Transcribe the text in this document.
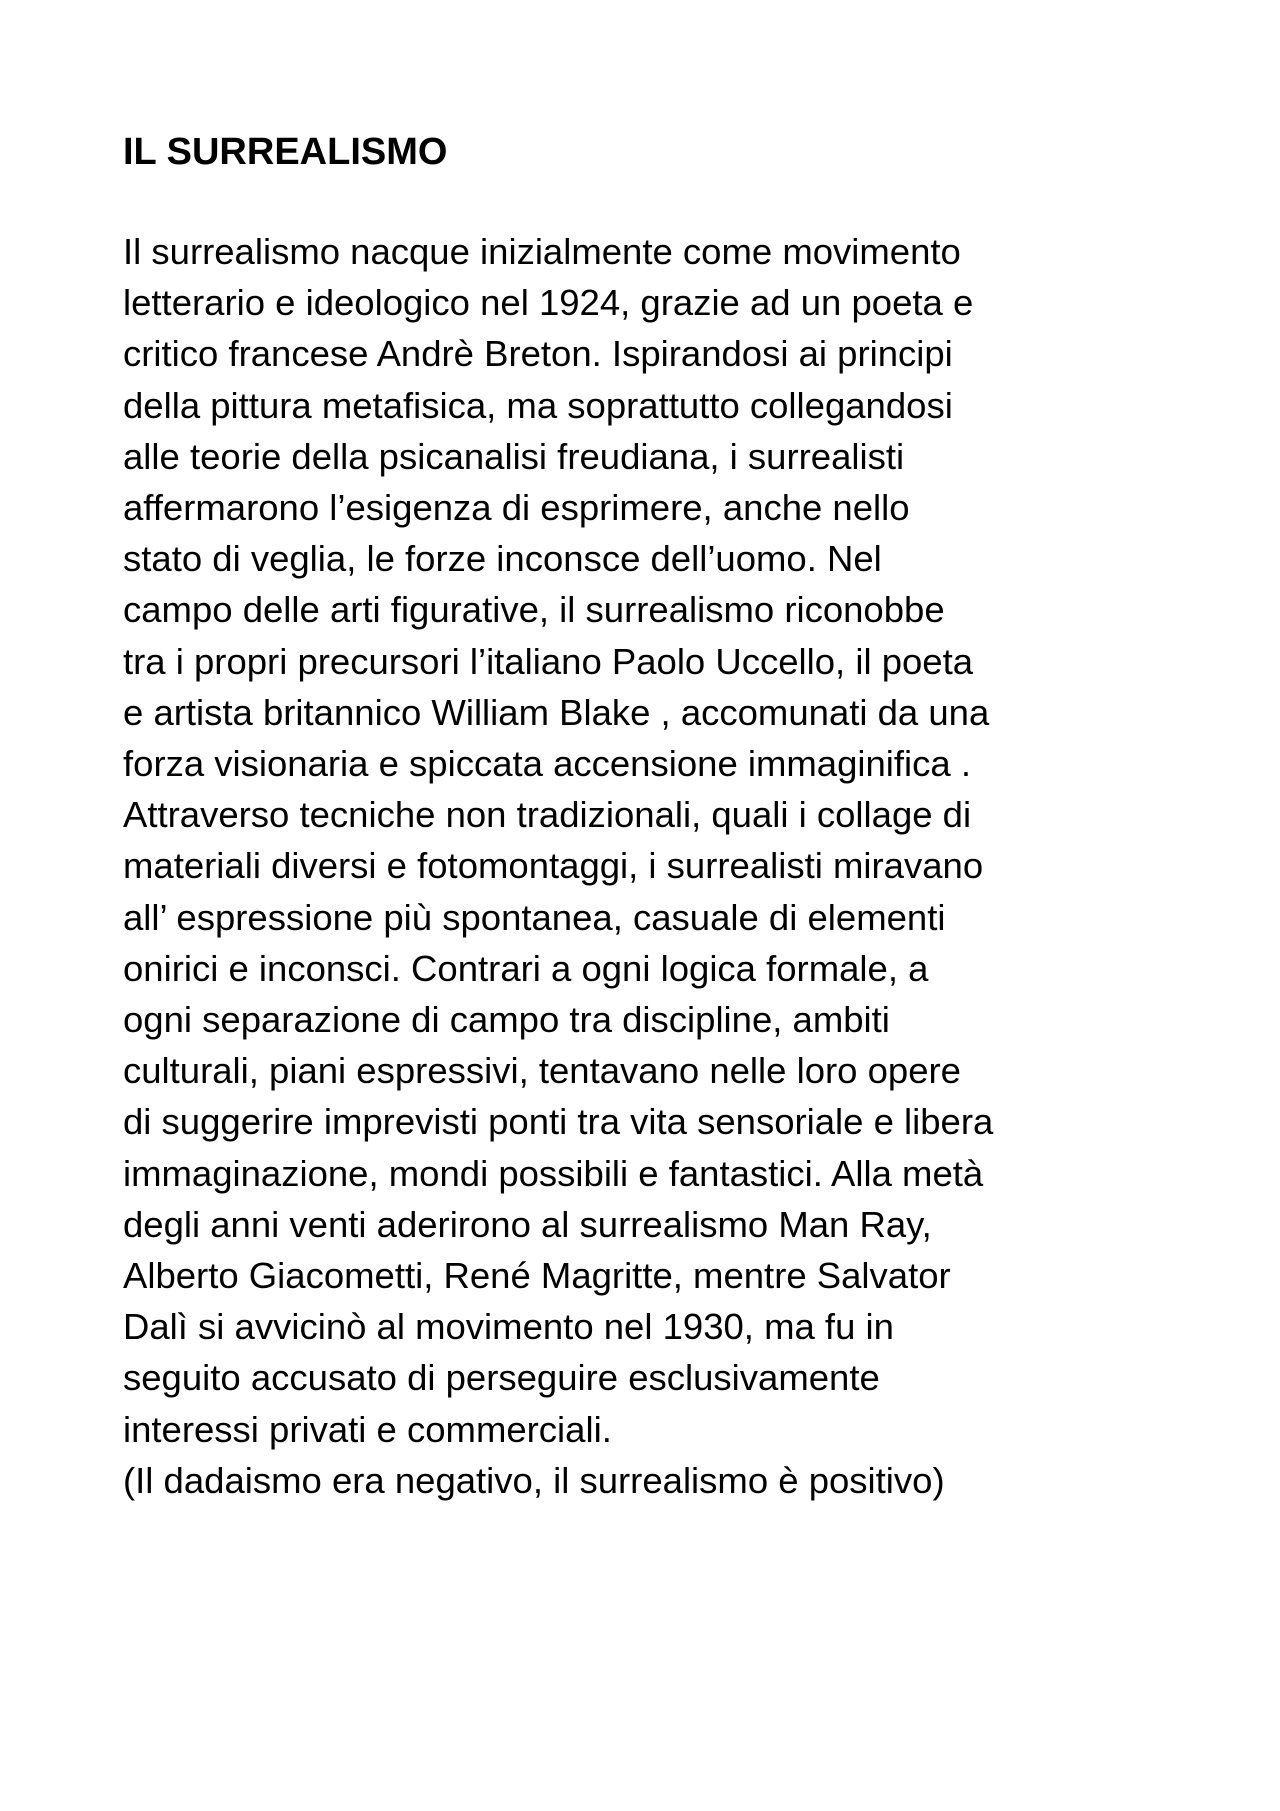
IL SURREALISMO
Il surrealismo nacque inizialmente come movimento
letterario e ideologico nel 1924, grazie ad un poeta e
critico francese Andrè Breton. Ispirandosi ai principi
della pittura metafisica, ma soprattutto collegandosi
alle teorie della psicanalisi freudiana, i surrealisti
affermarono l’esigenza di esprimere, anche nello
stato di veglia, le forze inconsce dell’uomo. Nel
campo delle arti figurative, il surrealismo riconobbe
tra i propri precursori l’italiano Paolo Uccello, il poeta
e artista britannico William Blake , accomunati da una
forza visionaria e spiccata accensione immaginifica .
Attraverso tecniche non tradizionali, quali i collage di
materiali diversi e fotomontaggi, i surrealisti miravano
all’ espressione più spontanea, casuale di elementi
onirici e inconsci. Contrari a ogni logica formale, a
ogni separazione di campo tra discipline, ambiti
culturali, piani espressivi, tentavano nelle loro opere
di suggerire imprevisti ponti tra vita sensoriale e libera
immaginazione, mondi possibili e fantastici. Alla metà
degli anni venti aderirono al surrealismo Man Ray,
Alberto Giacometti, René Magritte, mentre Salvator
Dalì si avvicinò al movimento nel 1930, ma fu in
seguito accusato di perseguire esclusivamente
interessi privati e commerciali.
(Il dadaismo era negativo, il surrealismo è positivo)
